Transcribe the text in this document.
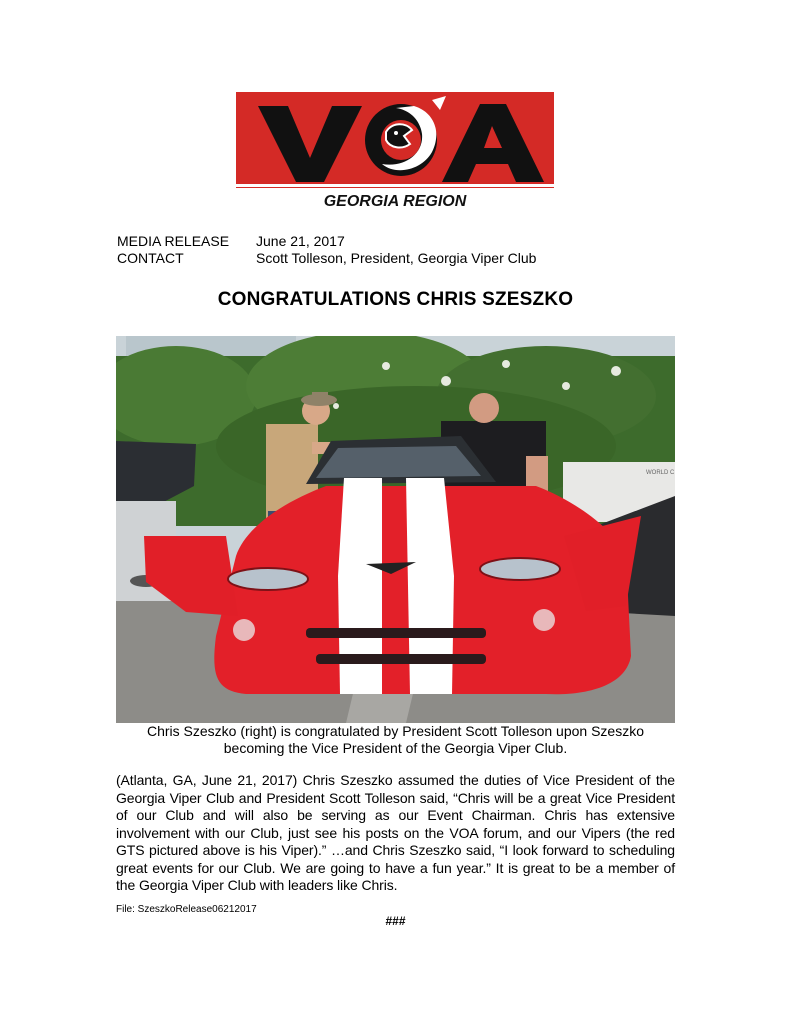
GEORGIA REGION
MEDIA RELEASE June 21, 2017
CONTACT	Scott Tolleson, President, Georgia Viper Club
CONGRATULATIONS CHRIS SZESZKO
WORLD C
Chris Szeszko (right) is congratulated by President Scott Tolleson upon Szeszko
becoming the Vice President of the Georgia Viper Club.
(Atlanta, GA, June 21, 2017) Chris Szeszko assumed the duties of Vice President of the Georgia Viper Club and President Scott Tolleson said, “Chris will be a great Vice President of our Club and will also be serving as our Event Chairman. Chris has extensive involvement with our Club, just see his posts on the VOA forum, and our Vipers (the red GTS pictured above is his Viper).” …and Chris Szeszko said, “I look forward to scheduling great events for our Club. We are going to have a fun year.” It is great to be a member of the Georgia Viper Club with leaders like Chris.
File: SzeszkoRelease06212017
###
